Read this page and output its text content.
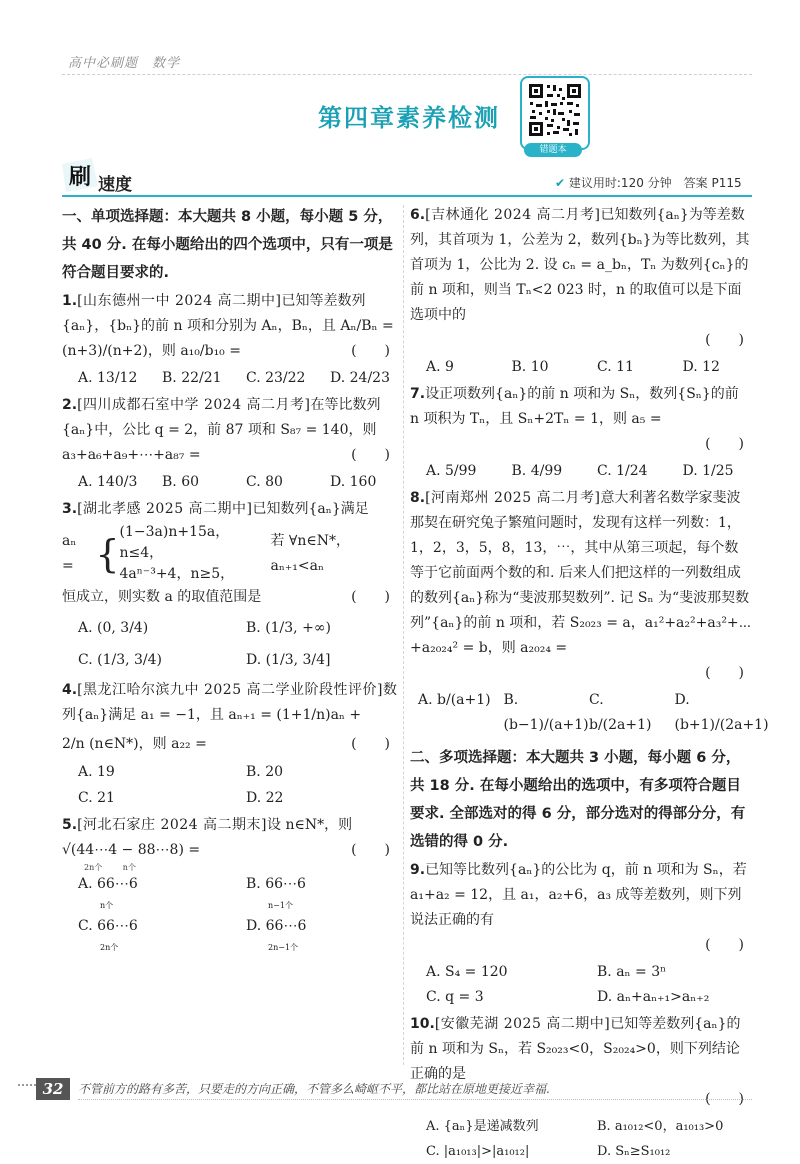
高中必刷题　数学
第四章素养检测
错题本
刷 速度	✔ 建议用时:120 分钟　答案 P115
一、单项选择题：本大题共 8 小题，每小题 5 分，共 40 分. 在每小题给出的四个选项中，只有一项是符合题目要求的.
1.[山东德州一中 2024 高二期中]已知等差数列{aₙ}，{bₙ}的前 n 项和分别为 Aₙ，Bₙ，且 Aₙ/Bₙ =
(n+3)/(n+2)，则 a₁₀/b₁₀ =	(　　)
A. 13/12	B. 22/21	C. 23/22	D. 24/23
2.[四川成都石室中学 2024 高二月考]在等比数列{aₙ}中，公比 q = 2，前 87 项和 S₈₇ = 140，则
a₃+a₆+a₉+⋯+a₈₇ =	(　　)
A. 140/3	B. 60	C. 80	D. 160
3.[湖北孝感 2025 高二期中]已知数列{aₙ}满足
aₙ = { (1−3a)n+15a，n≤4，
4aⁿ⁻³+4，n≥5，
若 ∀n∈N*，aₙ₊₁<aₙ
恒成立，则实数 a 的取值范围是	(　　)
A. (0, 3/4)	B. (1/3, +∞)
C. (1/3, 3/4)	D. (1/3, 3/4]
4.[黑龙江哈尔滨九中 2025 高二学业阶段性评价]数列{aₙ}满足 a₁ = −1，且 aₙ₊₁ = (1+1/n)aₙ +
2/n (n∈N*)，则 a₂₂ =	(　　)
A. 19	B. 20
C. 21	D. 22
5.[河北石家庄 2024 高二期末]设 n∈N*，则
√(44⋯4 − 88⋯8) =	(　　)
2n个	n个
A. 66⋯6
n个
B. 66⋯6
n−1个
C. 66⋯6
2n个
D. 66⋯6
2n−1个
6.[吉林通化 2024 高二月考]已知数列{aₙ}为等差数列，其首项为 1，公差为 2，数列{bₙ}为等比数列，其首项为 1，公比为 2. 设 cₙ = a_bₙ，Tₙ 为数列{cₙ}的前 n 项和，则当 Tₙ<2 023 时，n 的取值可以是下面选项中的
(　　)
A. 9	B. 10	C. 11	D. 12
7.设正项数列{aₙ}的前 n 项和为 Sₙ，数列{Sₙ}的前 n 项积为 Tₙ，且 Sₙ+2Tₙ = 1，则 a₅ =
(　　)
A. 5/99	B. 4/99	C. 1/24	D. 1/25
8.[河南郑州 2025 高二月考]意大利著名数学家斐波那契在研究兔子繁殖问题时，发现有这样一列数：1，1，2，3，5，8，13，⋯，其中从第三项起，每个数等于它前面两个数的和. 后来人们把这样的一列数组成的数列{aₙ}称为“斐波那契数列”. 记 Sₙ 为“斐波那契数列”{aₙ}的前 n 项和，若 S₂₀₂₃ = a，a₁²+a₂²+a₃²+⋯+a₂₀₂₄² = b，则 a₂₀₂₄ =
(　　)
A. b/(a+1) B. (b−1)/(a+1)
C. b/(2a+1)
D. (b+1)/(2a+1)
二、多项选择题：本大题共 3 小题，每小题 6 分，共 18 分. 在每小题给出的选项中，有多项符合题目要求. 全部选对的得 6 分，部分选对的得部分分，有选错的得 0 分.
9.已知等比数列{aₙ}的公比为 q，前 n 项和为 Sₙ，若 a₁+a₂ = 12，且 a₁，a₂+6，a₃ 成等差数列，则下列说法正确的有
(　　)
A. S₄ = 120	B. aₙ = 3ⁿ
C. q = 3	D. aₙ+aₙ₊₁>aₙ₊₂
10.[安徽芜湖 2025 高二期中]已知等差数列{aₙ}的前 n 项和为 Sₙ，若 S₂₀₂₃<0，S₂₀₂₄>0，则下列结论正确的是
(　　)
A. {aₙ}是递减数列	B. a₁₀₁₂<0，a₁₀₁₃>0
C. |a₁₀₁₃|>|a₁₀₁₂|	D. Sₙ≥S₁₀₁₂
32	不管前方的路有多苦，只要走的方向正确，不管多么崎岖不平，都比站在原地更接近幸福.
